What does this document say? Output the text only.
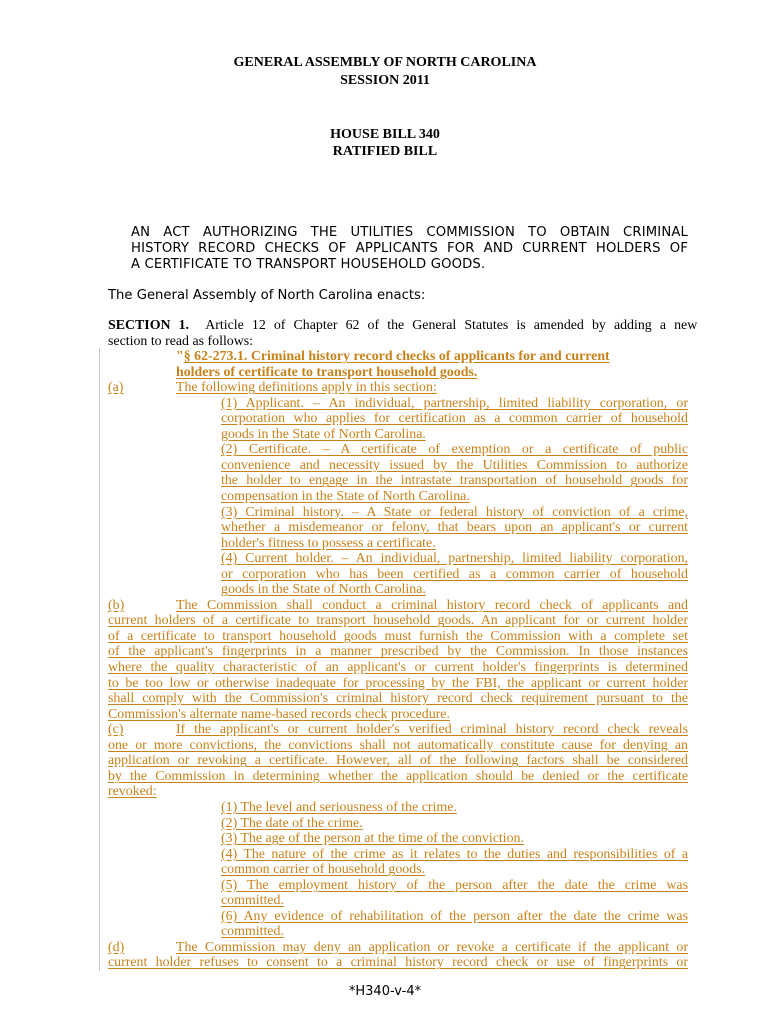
GENERAL ASSEMBLY OF NORTH CAROLINA
SESSION 2011
HOUSE BILL 340
RATIFIED BILL
AN ACT AUTHORIZING THE UTILITIES COMMISSION TO OBTAIN CRIMINAL
HISTORY RECORD CHECKS OF APPLICANTS FOR AND CURRENT HOLDERS OF
A CERTIFICATE TO TRANSPORT HOUSEHOLD GOODS.
The General Assembly of North Carolina enacts:
SECTION 1. Article 12 of Chapter 62 of the General Statutes is amended by adding a new
section to read as follows:
"§ 62-273.1. Criminal history record checks of applicants for and current
holders of certificate to transport household goods.
(a)	The following definitions apply in this section:
(1) Applicant. – An individual, partnership, limited liability corporation, or
corporation who applies for certification as a common carrier of household
goods in the State of North Carolina.
(2) Certificate. – A certificate of exemption or a certificate of public
convenience and necessity issued by the Utilities Commission to authorize
the holder to engage in the intrastate transportation of household goods for
compensation in the State of North Carolina.
(3) Criminal history. – A State or federal history of conviction of a crime,
whether a misdemeanor or felony, that bears upon an applicant's or current
holder's fitness to possess a certificate.
(4) Current holder. – An individual, partnership, limited liability corporation,
or corporation who has been certified as a common carrier of household
goods in the State of North Carolina.
(b)	The Commission shall conduct a criminal history record check of applicants and
current holders of a certificate to transport household goods. An applicant for or current holder
of a certificate to transport household goods must furnish the Commission with a complete set
of the applicant's fingerprints in a manner prescribed by the Commission. In those instances
where the quality characteristic of an applicant's or current holder's fingerprints is determined
to be too low or otherwise inadequate for processing by the FBI, the applicant or current holder
shall comply with the Commission's criminal history record check requirement pursuant to the
Commission's alternate name-based records check procedure.
(c)	If the applicant's or current holder's verified criminal history record check reveals
one or more convictions, the convictions shall not automatically constitute cause for denying an
application or revoking a certificate. However, all of the following factors shall be considered
by the Commission in determining whether the application should be denied or the certificate
revoked:
(1) The level and seriousness of the crime.
(2) The date of the crime.
(3) The age of the person at the time of the conviction.
(4) The nature of the crime as it relates to the duties and responsibilities of a
common carrier of household goods.
(5) The employment history of the person after the date the crime was
committed.
(6) Any evidence of rehabilitation of the person after the date the crime was
committed.
(d)	The Commission may deny an application or revoke a certificate if the applicant or
current holder refuses to consent to a criminal history record check or use of fingerprints or
*H340-v-4*
